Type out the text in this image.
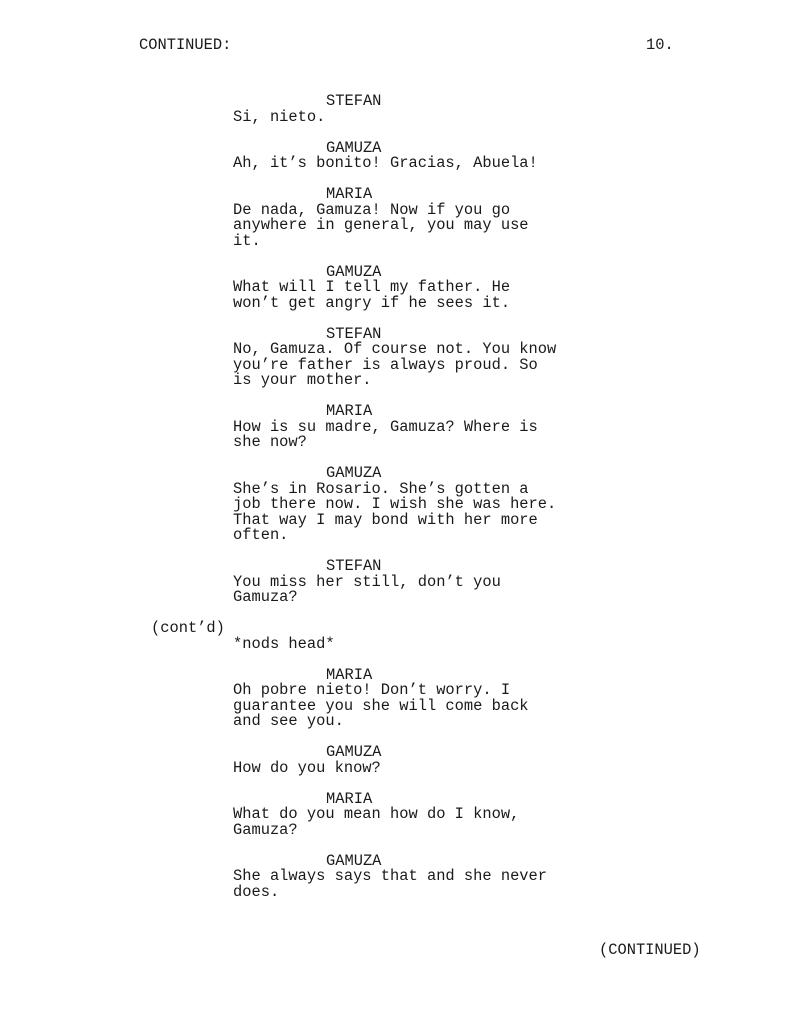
CONTINUED:	10.
STEFAN
Si, nieto.
GAMUZA
Ah, it’s bonito! Gracias, Abuela!
MARIA
De nada, Gamuza! Now if you go
anywhere in general, you may use
it.
GAMUZA
What will I tell my father. He
won’t get angry if he sees it.
STEFAN
No, Gamuza. Of course not. You know
you’re father is always proud. So
is your mother.
MARIA
How is su madre, Gamuza? Where is
she now?
GAMUZA
She’s in Rosario. She’s gotten a
job there now. I wish she was here.
That way I may bond with her more
often.
STEFAN
You miss her still, don’t you
Gamuza?
(cont’d)
*nods head*
MARIA
Oh pobre nieto! Don’t worry. I
guarantee you she will come back
and see you.
GAMUZA
How do you know?
MARIA
What do you mean how do I know,
Gamuza?
GAMUZA
She always says that and she never
does.
(CONTINUED)
